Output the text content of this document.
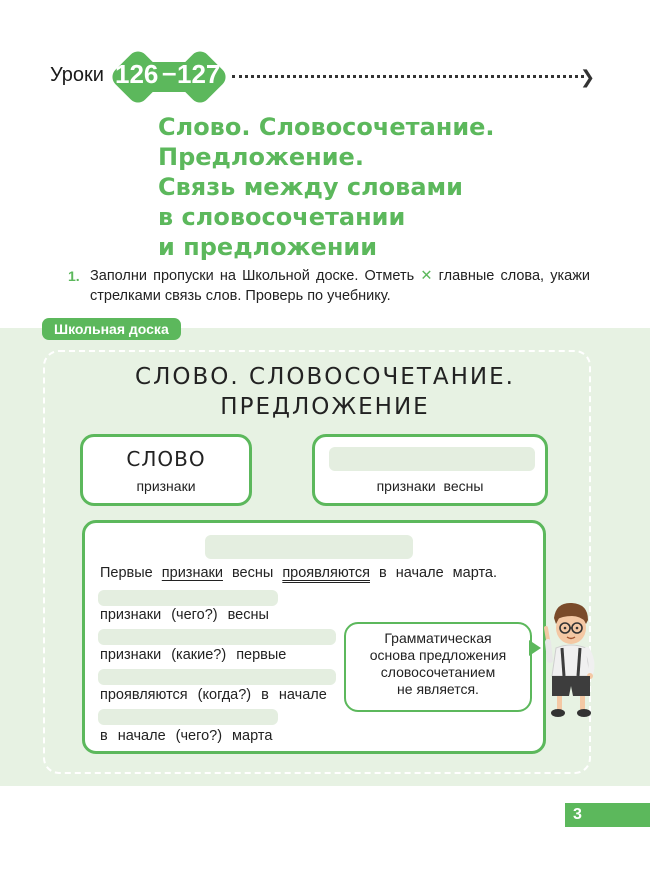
Уроки 126 – 127	❯
Слово. Словосочетание.
Предложение.
Связь между словами
в словосочетании
и предложении
1. Заполни пропуски на Школьной доске. Отметь ✕ главные слова, укажи стрелками связь слов. Проверь по учебнику.
Школьная доска
СЛОВО. СЛОВОСОЧЕТАНИЕ.
ПРЕДЛОЖЕНИЕ
СЛОВО
признаки	признаки весны
Первые признаки весны проявляются в начале марта.
признаки (чего?) весны
признаки (какие?) первые
проявляются (когда?) в начале
в начале (чего?) марта
Грамматическая
основа предложения
словосочетанием
не является.
3
